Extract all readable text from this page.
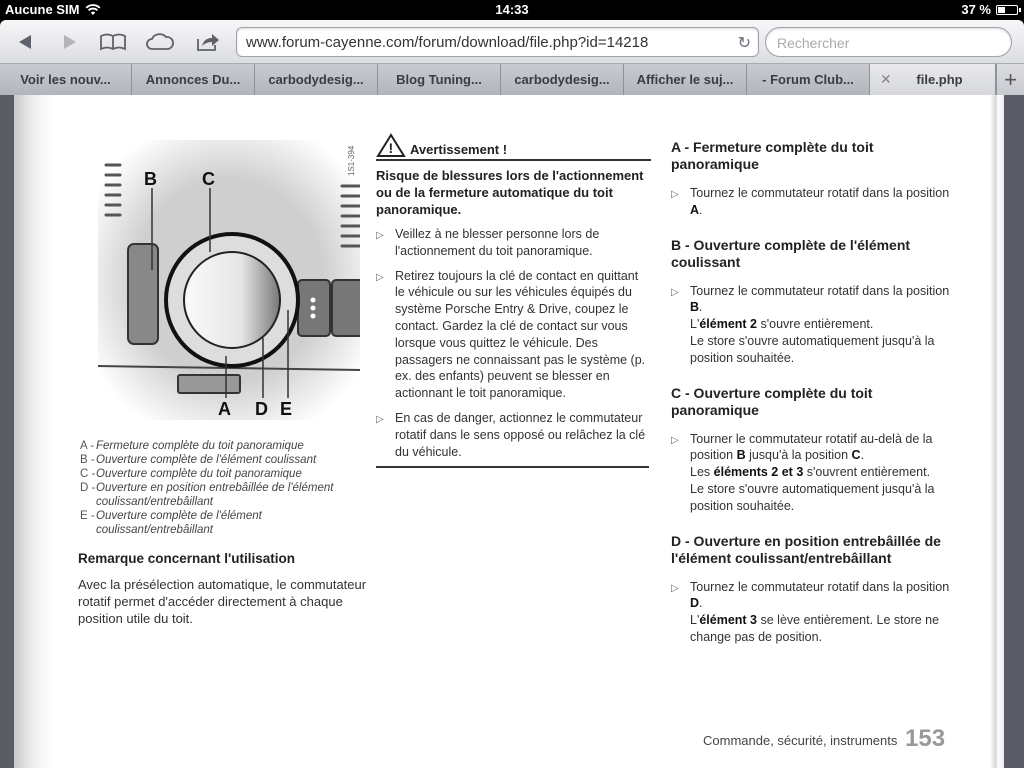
Aucune SIM	14:33	37 %
www.forum-cayenne.com/forum/download/file.php?id=14218	↻ Rechercher
Voir les nouv...	Annonces Du... carbodydesig... Blog Tuning... carbodydesig... Afficher le suj... - Forum Club... ✕ file.php	+
1S1-394
B	C
A D E
A - Fermeture complète du toit panoramique
B - Ouverture complète de l'élément coulissant
C - Ouverture complète du toit panoramique
D - Ouverture en position entrebâillée de l'élément coulissant/entrebâillant
E - Ouverture complète de l'élément coulissant/entrebâillant
Remarque concernant l'utilisation
Avec la présélection automatique, le commutateur rotatif permet d'accéder directement à chaque position utile du toit.
! Avertissement !
Risque de blessures lors de l'actionnement ou de la fermeture automatique du toit panoramique.
▷ Veillez à ne blesser personne lors de l'actionnement du toit panoramique.
▷ Retirez toujours la clé de contact en quittant le véhicule ou sur les véhicules équipés du système Porsche Entry & Drive, coupez le contact. Gardez la clé de contact sur vous lorsque vous quittez le véhicule. Des passagers ne connaissant pas le système (p. ex. des enfants) peuvent se blesser en actionnant le toit panoramique.
▷ En cas de danger, actionnez le commutateur rotatif dans le sens opposé ou relâchez la clé du véhicule.
A - Fermeture complète du toit panoramique
▷ Tournez le commutateur rotatif dans la position A.
B - Ouverture complète de l'élément coulissant
▷ Tournez le commutateur rotatif dans la position B.
L'élément 2 s'ouvre entièrement.
Le store s'ouvre automatiquement jusqu'à la position souhaitée.
C - Ouverture complète du toit panoramique
▷ Tourner le commutateur rotatif au-delà de la position B jusqu'à la position C.
Les éléments 2 et 3 s'ouvrent entièrement.
Le store s'ouvre automatiquement jusqu'à la position souhaitée.
D - Ouverture en position entrebâillée de l'élément coulissant/entrebâillant
▷ Tournez le commutateur rotatif dans la position D.
L'élément 3 se lève entièrement. Le store ne change pas de position.
Commande, sécurité, instruments 153
